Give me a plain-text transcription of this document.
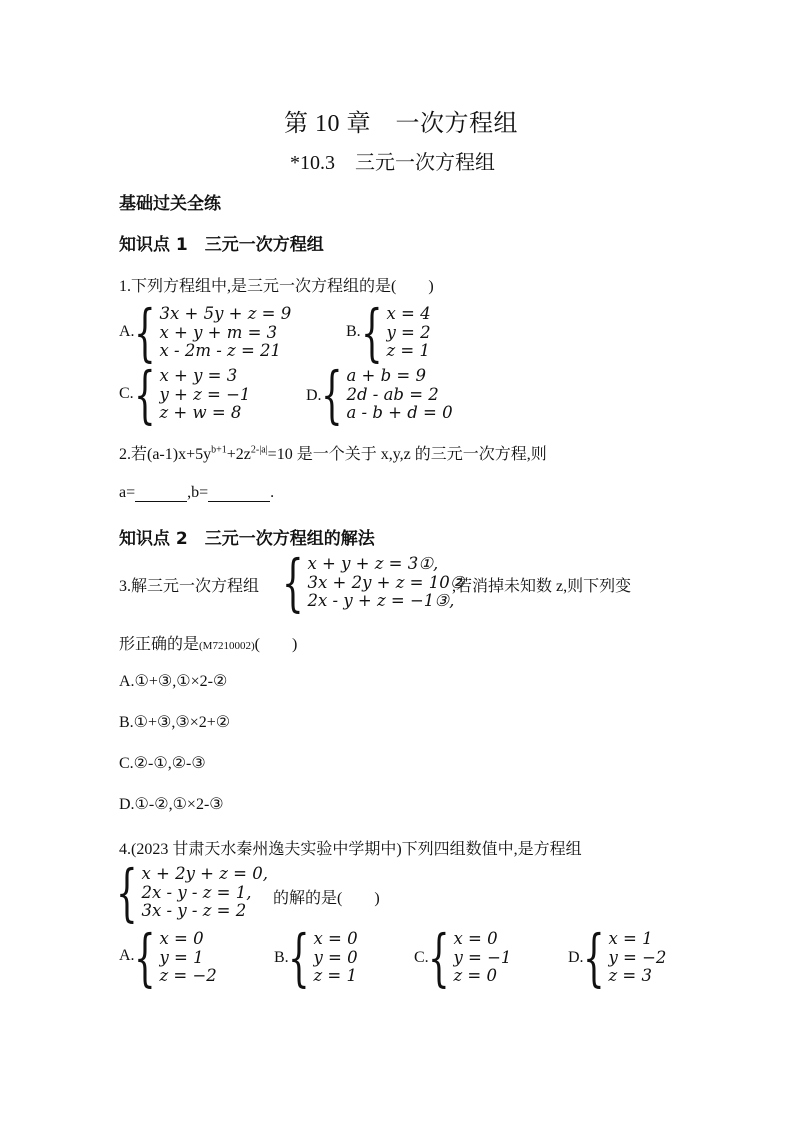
第 10 章　一次方程组
*10.3　三元一次方程组
基础过关全练
知识点 1　三元一次方程组
1.下列方程组中,是三元一次方程组的是(　　)
A. { 3x + 5y + z = 9
x + y + m = 3
x - 2m - z = 21
B. { x = 4
y = 2
z = 1
C. { x + y = 3
y + z = −1
z + w = 8
D. { a + b = 9
2d - ab = 2
a - b + d = 0
2.若$(a-1)x+5y^{b+1}+2z^{2-|a|}=10$ 是一个关于 x,y,z 的三元一次方程,则
a=	,b=	.
知识点 2　三元一次方程组的解法
3.解三元一次方程组 { x + y + z = 3①,
3x + 2y + z = 10②
2x - y + z = −1③,
,若消掉未知数 z,则下列变
形正确的是(M7210002)(　　)
A.①+③,①×2-②
B.①+③,③×2+②
C.②-①,②-③
D.①-②,①×2-③
4.(2023 甘肃天水秦州逸夫实验中学期中)下列四组数值中,是方程组
{ x + 2y + z = 0,
2x - y - z = 1,
3x - y - z = 2
的解的是(　　)
A. { x = 0
y = 1
z = −2
B. { x = 0
y = 0
z = 1
C. { x = 0
y = −1
z = 0
D. { x = 1
y = −2
z = 3
